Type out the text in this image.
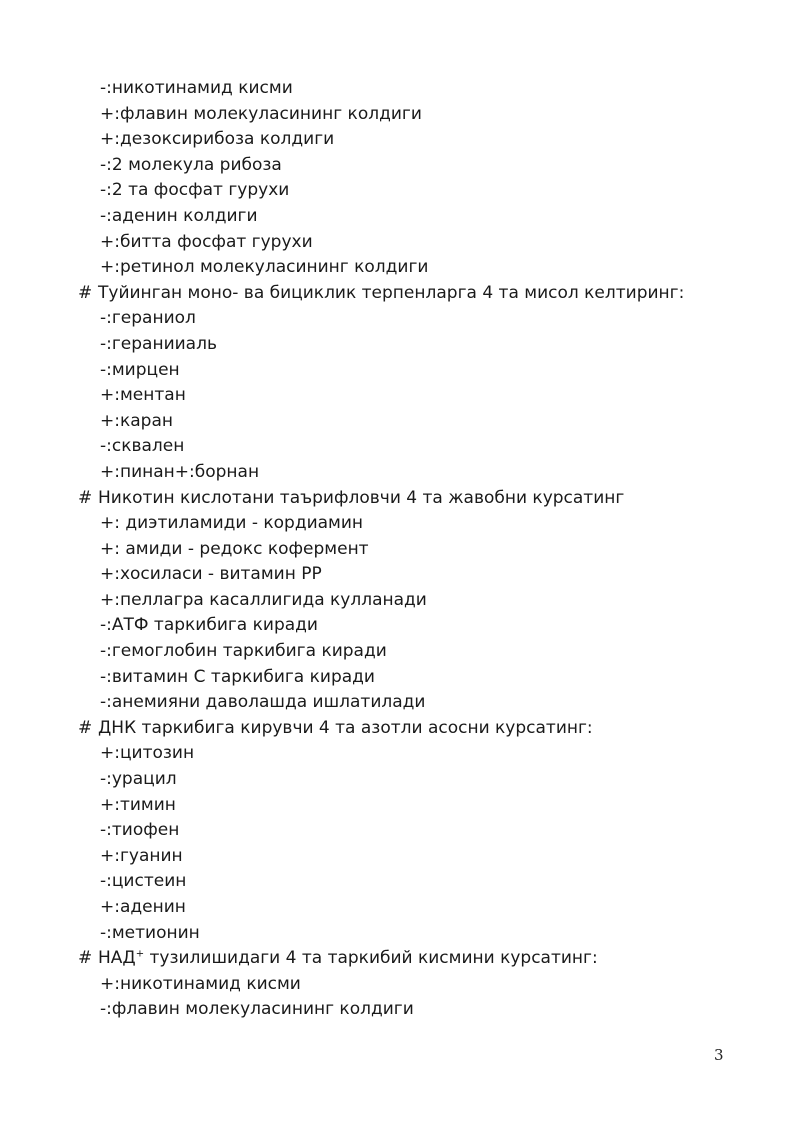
-:никотинамид кисми
+:флавин молекуласининг колдиги
+:дезоксирибоза колдиги
-:2 молекула рибоза
-:2 та фосфат гурухи
-:аденин колдиги
+:битта фосфат гурухи
+:ретинол молекуласининг колдиги
# Туйинган моно- ва бициклик терпенларга 4 та мисол келтиринг:
-:гераниол
-:геранииаль
-:мирцен
+:ментан
+:каран
-:сквален
+:пинан+:борнан
# Никотин кислотани таърифловчи 4 та жавобни курсатинг
+: диэтиламиди - кордиамин
+: амиди - редокс кофермент
+:хосиласи - витамин РР
+:пеллагра касаллигида кулланади
-:АТФ таркибига киради
-:гемоглобин таркибига киради
-:витамин С таркибига киради
-:анемияни даволашда ишлатилади
# ДНК таркибига кирувчи 4 та азотли асосни курсатинг:
+:цитозин
-:урацил
+:тимин
-:тиофен
+:гуанин
-:цистеин
+:аденин
-:метионин
# НАД+ тузилишидаги 4 та таркибий кисмини курсатинг:
+:никотинамид кисми
-:флавин молекуласининг колдиги
3
